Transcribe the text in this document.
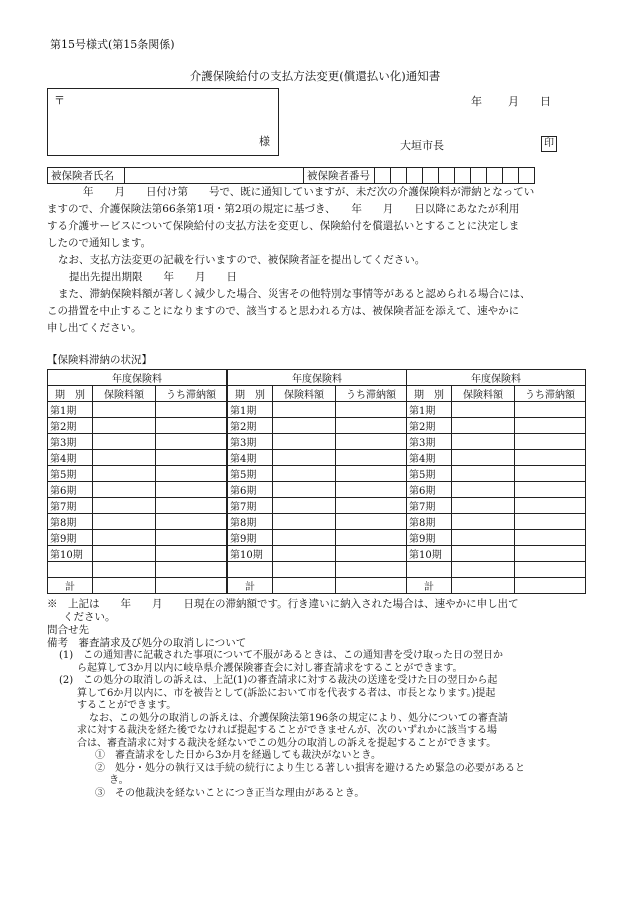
第15号様式(第15条関係)
介護保険給付の支払方法変更(償還払い化)通知書
〒
様
年 月 日
大垣市長	印
被保険者氏名		被保険者番号										
年　　月　　日付け第　　号で、既に通知していますが、未だ次の介護保険料が滞納となってい
ますので、介護保険法第66条第1項・第2項の規定に基づき、　　年　　月　　日以降にあなたが利用
する介護サービスについて保険給付の支払方法を変更し、保険給付を償還払いとすることに決定しま
したので通知します。
なお、支払方法変更の記載を行いますので、被保険者証を提出してください。
提出先提出期限　　年　　月　　日
また、滞納保険料額が著しく減少した場合、災害その他特別な事情等があると認められる場合には、
この措置を中止することになりますので、該当すると思われる方は、被保険者証を添えて、速やかに
申し出てください。
【保険料滞納の状況】
年度保険料		
期　別	保険料額	うち滞納額
第1期		
第2期		
第3期		
第4期		
第5期		
第6期		
第7期		
第8期		
第9期		
第10期		

計		
年度保険料		
期　別	保険料額	うち滞納額
第1期		
第2期		
第3期		
第4期		
第5期		
第6期		
第7期		
第8期		
第9期		
第10期		

計		
年度保険料		
期　別	保険料額	うち滞納額
第1期		
第2期		
第3期		
第4期		
第5期		
第6期		
第7期		
第8期		
第9期		
第10期		

計		
※　上記は　　年　　月　　日現在の滞納額です。行き違いに納入された場合は、速やかに申し出て
ください。
問合せ先
備考　審査請求及び処分の取消しについて
(1)　この通知書に記載された事項について不服があるときは、この通知書を受け取った日の翌日か
ら起算して3か月以内に岐阜県介護保険審査会に対し審査請求をすることができます。
(2)　この処分の取消しの訴えは、上記(1)の審査請求に対する裁決の送達を受けた日の翌日から起
算して6か月以内に、市を被告として(訴訟において市を代表する者は、市長となります。)提起
することができます。
なお、この処分の取消しの訴えは、介護保険法第196条の規定により、処分についての審査請
求に対する裁決を経た後でなければ提起することができませんが、次のいずれかに該当する場
合は、審査請求に対する裁決を経ないでこの処分の取消しの訴えを提起することができます。
①　審査請求をした日から3か月を経過しても裁決がないとき。
②　処分・処分の執行又は手続の続行により生じる著しい損害を避けるため緊急の必要があると
き。
③　その他裁決を経ないことにつき正当な理由があるとき。
